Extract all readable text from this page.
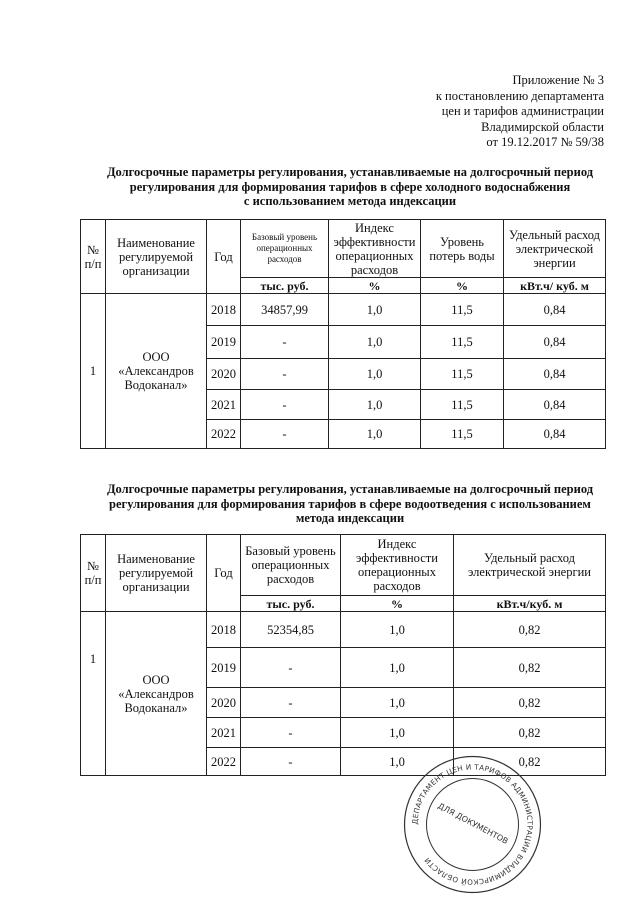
Приложение № 3
к постановлению департамента
цен и тарифов администрации
Владимирской области
от 19.12.2017 № 59/38
Долгосрочные параметры регулирования, устанавливаемые на долгосрочный период
регулирования для формирования тарифов в сфере холодного водоснабжения
с использованием метода индексации
№ п/п	Наименование регулируемой организации	Год	Базовый уровень операционных расходов	Индекс эффективности операционных расходов	Уровень потерь воды	Удельный расход электрической энергии
			тыс. руб.	%	%	кВт.ч/ куб. м
1	ООО «Александров Водоканал»	2018	34857,99	1,0	11,5	0,84
		2019	-	1,0	11,5	0,84
		2020	-	1,0	11,5	0,84
		2021	-	1,0	11,5	0,84
		2022	-	1,0	11,5	0,84
Долгосрочные параметры регулирования, устанавливаемые на долгосрочный период
регулирования для формирования тарифов в сфере водоотведения с использованием
метода индексации
№ п/п	Наименование регулируемой организации	Год	Базовый уровень операционных расходов	Индекс эффективности операционных расходов	Удельный расход электрической энергии
			тыс. руб.	%	кВт.ч/куб. м
1	ООО «Александров Водоканал»	2018	52354,85	1,0	0,82
		2019	-	1,0	0,82
		2020	-	1,0	0,82
		2021	-	1,0	0,82
		2022	-	1,0	0,82
ДЕПАРТАМЕНТ ЦЕН И ТАРИФОВ АДМИНИСТРАЦИИ ВЛАДИМИРСКОЙ ОБЛАСТИ
ДЛЯ ДОКУМЕНТОВ
